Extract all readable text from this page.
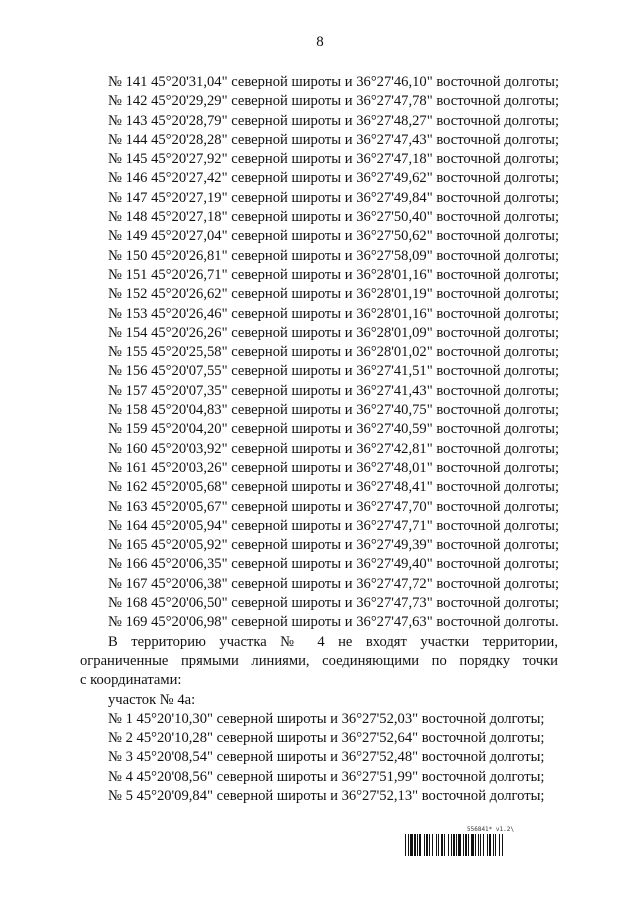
8
№ 141 45°20'31,04" северной широты и 36°27'46,10" восточной долготы;
№ 142 45°20'29,29" северной широты и 36°27'47,78" восточной долготы;
№ 143 45°20'28,79" северной широты и 36°27'48,27" восточной долготы;
№ 144 45°20'28,28" северной широты и 36°27'47,43" восточной долготы;
№ 145 45°20'27,92" северной широты и 36°27'47,18" восточной долготы;
№ 146 45°20'27,42" северной широты и 36°27'49,62" восточной долготы;
№ 147 45°20'27,19" северной широты и 36°27'49,84" восточной долготы;
№ 148 45°20'27,18" северной широты и 36°27'50,40" восточной долготы;
№ 149 45°20'27,04" северной широты и 36°27'50,62" восточной долготы;
№ 150 45°20'26,81" северной широты и 36°27'58,09" восточной долготы;
№ 151 45°20'26,71" северной широты и 36°28'01,16" восточной долготы;
№ 152 45°20'26,62" северной широты и 36°28'01,19" восточной долготы;
№ 153 45°20'26,46" северной широты и 36°28'01,16" восточной долготы;
№ 154 45°20'26,26" северной широты и 36°28'01,09" восточной долготы;
№ 155 45°20'25,58" северной широты и 36°28'01,02" восточной долготы;
№ 156 45°20'07,55" северной широты и 36°27'41,51" восточной долготы;
№ 157 45°20'07,35" северной широты и 36°27'41,43" восточной долготы;
№ 158 45°20'04,83" северной широты и 36°27'40,75" восточной долготы;
№ 159 45°20'04,20" северной широты и 36°27'40,59" восточной долготы;
№ 160 45°20'03,92" северной широты и 36°27'42,81" восточной долготы;
№ 161 45°20'03,26" северной широты и 36°27'48,01" восточной долготы;
№ 162 45°20'05,68" северной широты и 36°27'48,41" восточной долготы;
№ 163 45°20'05,67" северной широты и 36°27'47,70" восточной долготы;
№ 164 45°20'05,94" северной широты и 36°27'47,71" восточной долготы;
№ 165 45°20'05,92" северной широты и 36°27'49,39" восточной долготы;
№ 166 45°20'06,35" северной широты и 36°27'49,40" восточной долготы;
№ 167 45°20'06,38" северной широты и 36°27'47,72" восточной долготы;
№ 168 45°20'06,50" северной широты и 36°27'47,73" восточной долготы;
№ 169 45°20'06,98" северной широты и 36°27'47,63" восточной долготы.
В территорию участка № 4 не входят участки территории,
ограниченные прямыми линиями, соединяющими по порядку точки
с координатами:
участок № 4а:
№ 1 45°20'10,30" северной широты и 36°27'52,03" восточной долготы;
№ 2 45°20'10,28" северной широты и 36°27'52,64" восточной долготы;
№ 3 45°20'08,54" северной широты и 36°27'52,48" восточной долготы;
№ 4 45°20'08,56" северной широты и 36°27'51,99" восточной долготы;
№ 5 45°20'09,84" северной широты и 36°27'52,13" восточной долготы;
556841* v1.2\
